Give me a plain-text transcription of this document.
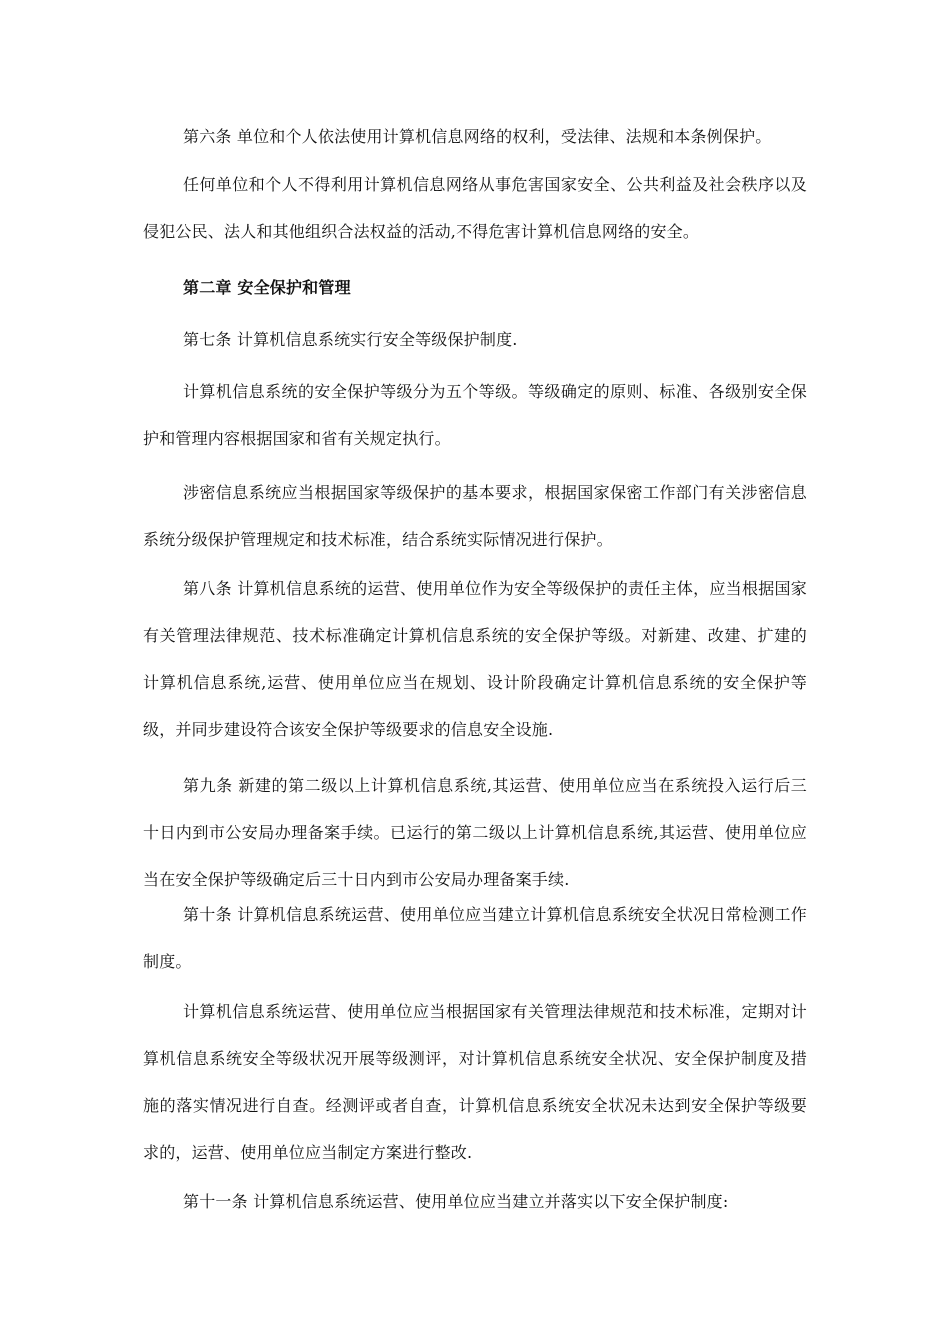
第六条 单位和个人依法使用计算机信息网络的权利，受法律、法规和本条例保护。

任何单位和个人不得利用计算机信息网络从事危害国家安全、公共利益及社会秩序以及侵犯公民、法人和其他组织合法权益的活动,不得危害计算机信息网络的安全。

第二章 安全保护和管理

第七条 计算机信息系统实行安全等级保护制度.

计算机信息系统的安全保护等级分为五个等级。等级确定的原则、标准、各级别安全保护和管理内容根据国家和省有关规定执行。

涉密信息系统应当根据国家等级保护的基本要求，根据国家保密工作部门有关涉密信息系统分级保护管理规定和技术标准，结合系统实际情况进行保护。

第八条 计算机信息系统的运营、使用单位作为安全等级保护的责任主体，应当根据国家有关管理法律规范、技术标准确定计算机信息系统的安全保护等级。对新建、改建、扩建的计算机信息系统,运营、使用单位应当在规划、设计阶段确定计算机信息系统的安全保护等级，并同步建设符合该安全保护等级要求的信息安全设施.

第九条 新建的第二级以上计算机信息系统,其运营、使用单位应当在系统投入运行后三十日内到市公安局办理备案手续。已运行的第二级以上计算机信息系统,其运营、使用单位应当在安全保护等级确定后三十日内到市公安局办理备案手续.

第十条 计算机信息系统运营、使用单位应当建立计算机信息系统安全状况日常检测工作制度。

计算机信息系统运营、使用单位应当根据国家有关管理法律规范和技术标准，定期对计算机信息系统安全等级状况开展等级测评，对计算机信息系统安全状况、安全保护制度及措施的落实情况进行自查。经测评或者自查，计算机信息系统安全状况未达到安全保护等级要求的，运营、使用单位应当制定方案进行整改.

第十一条 计算机信息系统运营、使用单位应当建立并落实以下安全保护制度:
